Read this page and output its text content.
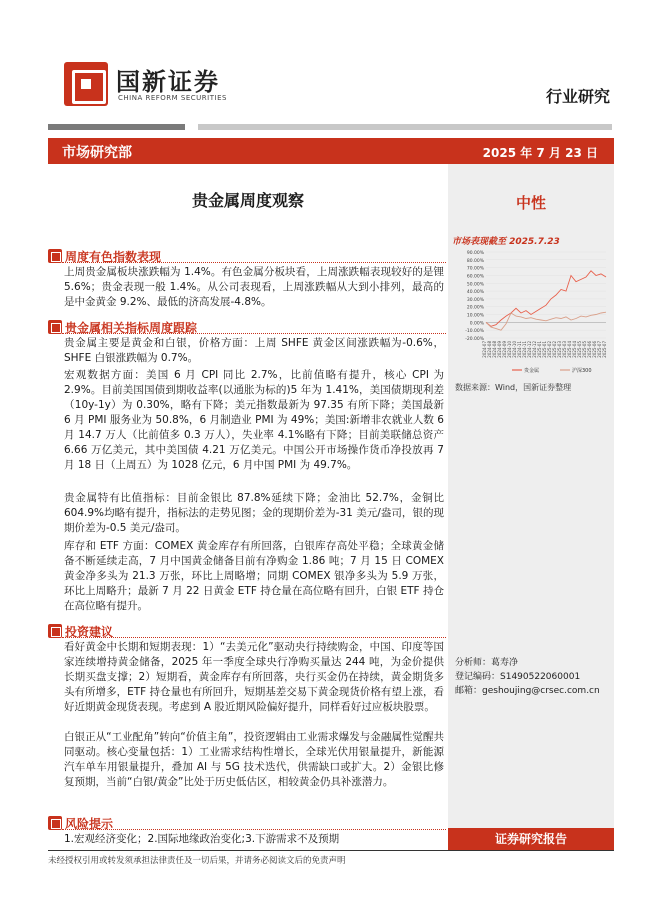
国新证券
CHINA REFORM SECURITIES	行业研究
市场研究部	2025 年 7 月 23 日
贵金属周度观察	中性
周度有色指数表现

上周贵金属板块涨跌幅为 1.4%。有色金属分板块看，上周涨跌幅表现较好的是锂 5.6%；贵金表现一般 1.4%。从公司表现看，上周涨跌幅从大到小排列，最高的是中金黄金 9.2%、最低的济高发展-4.8%。

贵金属相关指标周度跟踪

贵金属主要是黄金和白银，价格方面：上周 SHFE 黄金区间涨跌幅为-0.6%，SHFE 白银涨跌幅为 0.7%。

宏观数据方面：美国 6 月 CPI 同比 2.7%，比前值略有提升，核心 CPI 为 2.9%。目前美国国债到期收益率(以通胀为标的)5 年为 1.41%，美国债期现利差（10y-1y）为 0.30%，略有下降；美元指数最新为 97.35 有所下降；美国最新 6 月 PMI 服务业为 50.8%，6 月制造业 PMI 为 49%；美国:新增非农就业人数 6 月 14.7 万人（比前值多 0.3 万人），失业率 4.1%略有下降；目前美联储总资产 6.66 万亿美元，其中美国债 4.21 万亿美元。中国公开市场操作货币净投放再 7 月 18 日（上周五）为 1028 亿元，6 月中国 PMI 为 49.7%。

贵金属特有比值指标：目前金银比 87.8%延续下降；金油比 52.7%，金铜比 604.9%均略有提升，指标法的走势见图；金的现期价差为-31 美元/盎司，银的现期价差为-0.5 美元/盎司。

库存和 ETF 方面：COMEX 黄金库存有所回落，白银库存高处平稳；全球黄金储备不断延续走高，7 月中国黄金储备目前有净购金 1.86 吨；7 月 15 日 COMEX 黄金净多头为 21.3 万张，环比上周略增；同期 COMEX 银净多头为 5.9 万张，环比上周略升；最新 7 月 22 日黄金 ETF 持仓量在高位略有回升，白银 ETF 持仓在高位略有提升。

投资建议

看好黄金中长期和短期表现：1）“去美元化”驱动央行持续购金，中国、印度等国家连续增持黄金储备，2025 年一季度全球央行净购买量达 244 吨，为金价提供长期买盘支撑；2）短期看，黄金库存有所回落，央行买金仍在持续，黄金期货多头有所增多，ETF 持仓量也有所回升，短期基差交易下黄金现货价格有望上涨，看好近期黄金现货表现。考虑到 A 股近期风险偏好提升，同样看好过应板块股票。

白银正从“工业配角”转向“价值主角”，投资逻辑由工业需求爆发与金融属性觉醒共同驱动。核心变量包括：1）工业需求结构性增长，全球光伏用银量提升，新能源汽车单车用银量提升，叠加 AI 与 5G 技术迭代，供需缺口或扩大。2）金银比修复预期，当前“白银/黄金”比处于历史低估区，相较黄金仍具补涨潜力。

风险提示

1.宏观经济变化；2.国际地缘政治变化;3.下游需求不及预期

市场表现截至 2025.7.23
90.00%
80.00%
70.00%
60.00%
50.00%
40.00%
30.00%
20.00%
10.00%
0.00%
-10.00%
-20.00%
2024-07 2024-08 2024-08 2024-09 2024-09 2024-10 2024-10 2024-11 2024-11 2024-12 2024-12 2025-01 2025-01 2025-02 2025-02 2025-03 2025-03 2025-04 2025-04 2025-05 2025-05 2025-06 2025-06 2025-07 2025-07
贵金属	沪深300
数据来源：Wind，国新证券整理
分析师：葛寿净
登记编码：S1490522060001
邮箱：geshoujing@crsec.com.cn
证券研究报告
未经授权引用或转发须承担法律责任及一切后果，并请务必阅读文后的免责声明
